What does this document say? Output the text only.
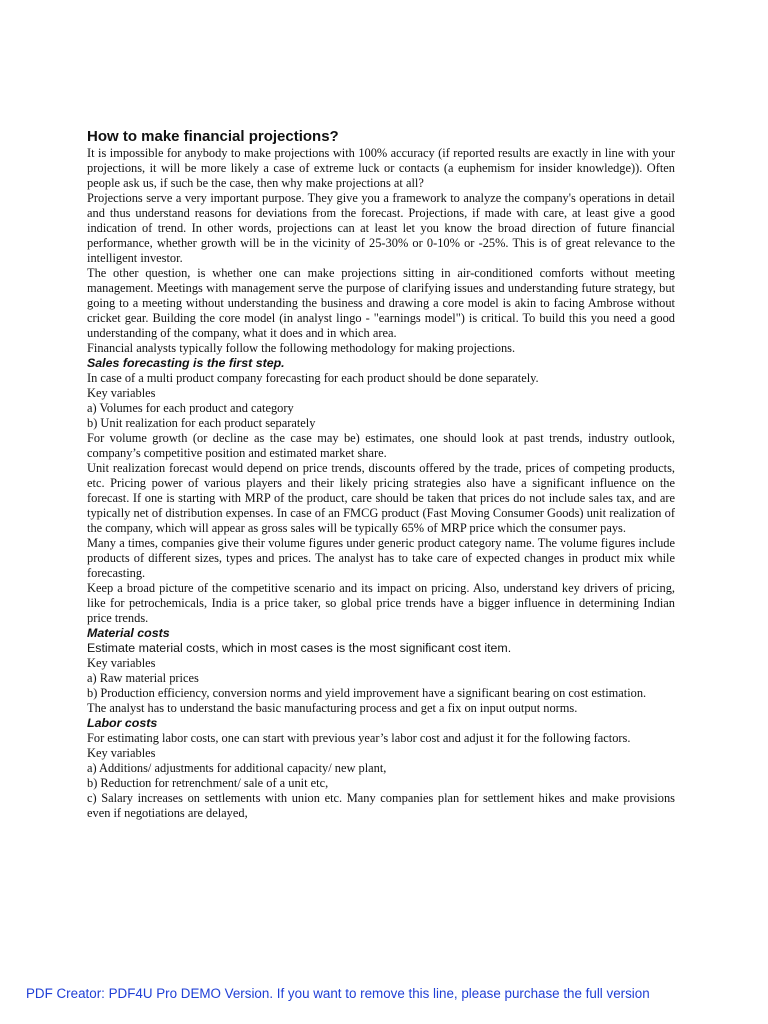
How to make financial projections?

It is impossible for anybody to make projections with 100% accuracy (if reported results are exactly in line with your projections, it will be more likely a case of extreme luck or contacts (a euphemism for insider knowledge)). Often people ask us, if such be the case, then why make projections at all?

Projections serve a very important purpose. They give you a framework to analyze the company's operations in detail and thus understand reasons for deviations from the forecast. Projections, if made with care, at least give a good indication of trend. In other words, projections can at least let you know the broad direction of future financial performance, whether growth will be in the vicinity of 25-30% or 0-10% or -25%. This is of great relevance to the intelligent investor.

The other question, is whether one can make projections sitting in air-conditioned comforts without meeting management. Meetings with management serve the purpose of clarifying issues and understanding future strategy, but going to a meeting without understanding the business and drawing a core model is akin to facing Ambrose without cricket gear. Building the core model (in analyst lingo - "earnings model") is critical. To build this you need a good understanding of the company, what it does and in which area.

Financial analysts typically follow the following methodology for making projections.

Sales forecasting is the first step.

In case of a multi product company forecasting for each product should be done separately.

Key variables

a) Volumes for each product and category

b) Unit realization for each product separately

For volume growth (or decline as the case may be) estimates, one should look at past trends, industry outlook, company’s competitive position and estimated market share.

Unit realization forecast would depend on price trends, discounts offered by the trade, prices of competing products, etc. Pricing power of various players and their likely pricing strategies also have a significant influence on the forecast. If one is starting with MRP of the product, care should be taken that prices do not include sales tax, and are typically net of distribution expenses. In case of an FMCG product (Fast Moving Consumer Goods) unit realization of the company, which will appear as gross sales will be typically 65% of MRP price which the consumer pays.

Many a times, companies give their volume figures under generic product category name. The volume figures include products of different sizes, types and prices. The analyst has to take care of expected changes in product mix while forecasting.

Keep a broad picture of the competitive scenario and its impact on pricing. Also, understand key drivers of pricing, like for petrochemicals, India is a price taker, so global price trends have a bigger influence in determining Indian price trends.

Material costs

Estimate material costs, which in most cases is the most significant cost item.

Key variables

a) Raw material prices

b) Production efficiency, conversion norms and yield improvement have a significant bearing on cost estimation.

The analyst has to understand the basic manufacturing process and get a fix on input output norms.

Labor costs

For estimating labor costs, one can start with previous year’s labor cost and adjust it for the following factors.

Key variables

a) Additions/ adjustments for additional capacity/ new plant,

b) Reduction for retrenchment/ sale of a unit etc,

c) Salary increases on settlements with union etc. Many companies plan for settlement hikes and make provisions even if negotiations are delayed,

PDF Creator: PDF4U Pro DEMO Version. If you want to remove this line, please purchase the full version
